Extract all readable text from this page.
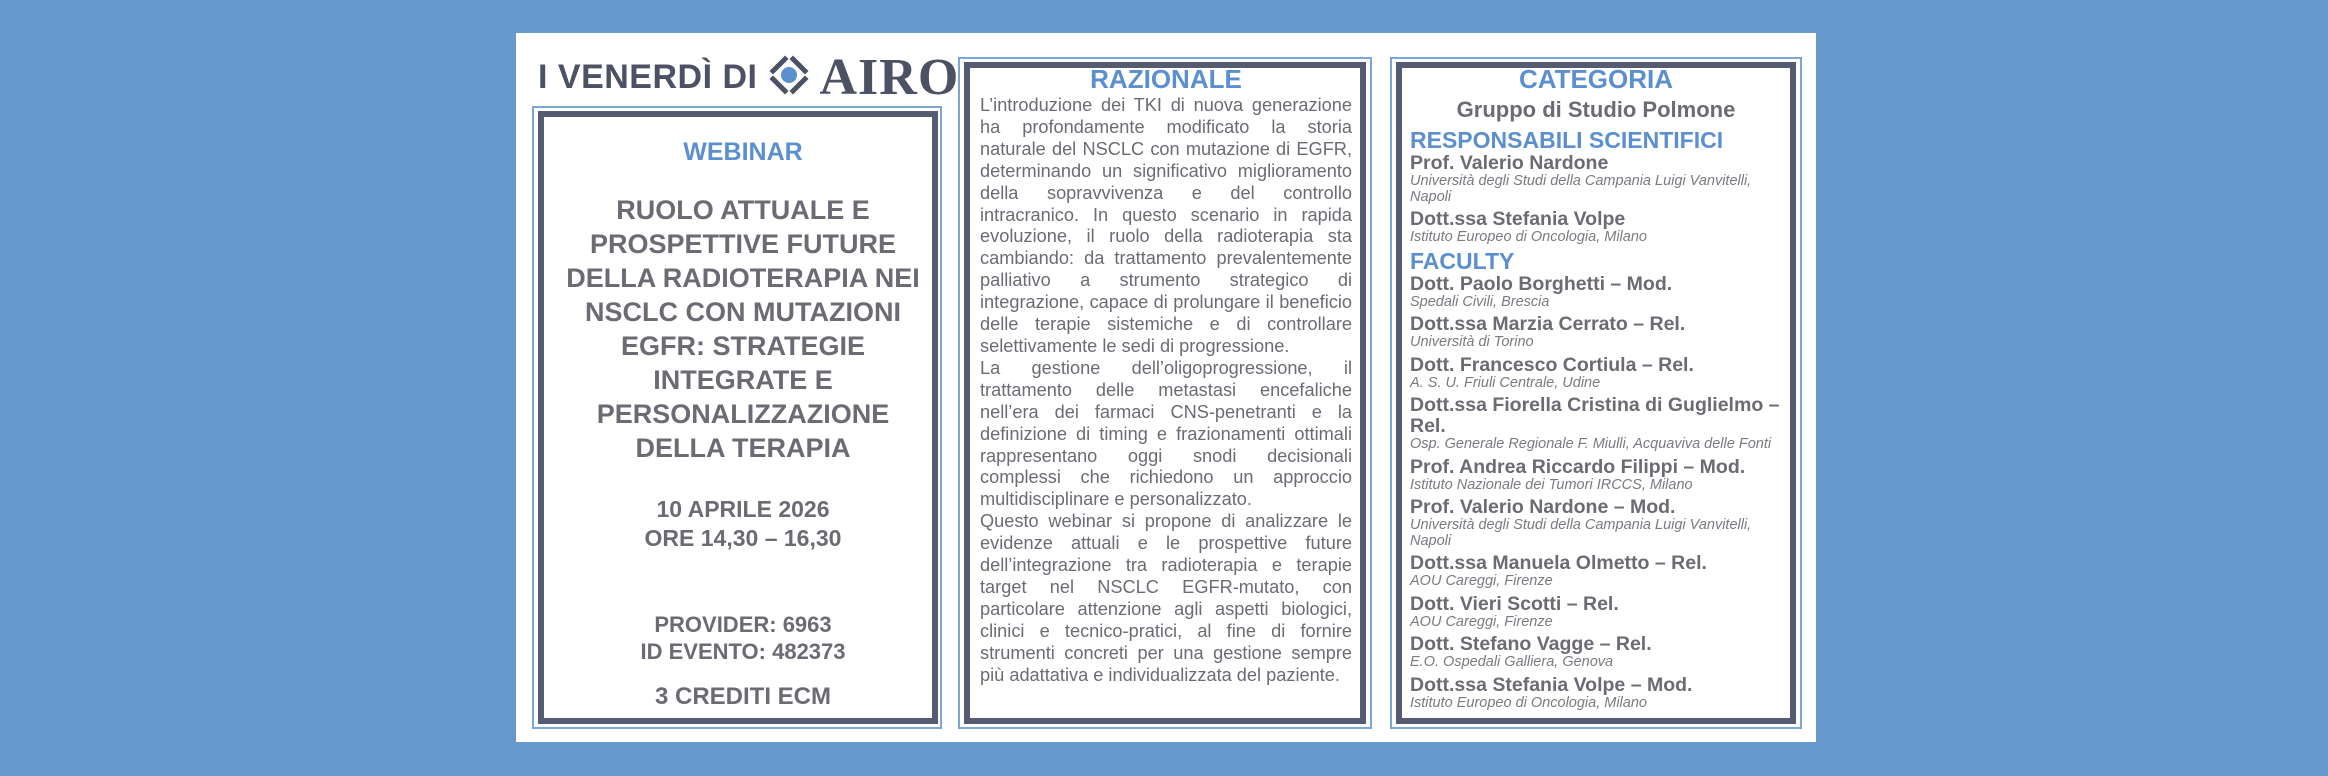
I VENERDÌ DI AIRO
WEBINAR
RUOLO ATTUALE E
PROSPETTIVE FUTURE
DELLA RADIOTERAPIA NEI
NSCLC CON MUTAZIONI
EGFR: STRATEGIE
INTEGRATE E
PERSONALIZZAZIONE
DELLA TERAPIA
10 APRILE 2026
ORE 14,30 – 16,30
PROVIDER: 6963
ID EVENTO: 482373
3 CREDITI ECM
RAZIONALE

L’introduzione dei TKI di nuova generazione ha profondamente modificato la storia naturale del NSCLC con mutazione di EGFR, determinando un significativo miglioramento della sopravvivenza e del controllo intracranico. In questo scenario in rapida evoluzione, il ruolo della radioterapia sta cambiando: da trattamento prevalentemente palliativo a strumento strategico di integrazione, capace di prolungare il beneficio delle terapie sistemiche e di controllare selettivamente le sedi di progressione.

La gestione dell’oligoprogressione, il trattamento delle metastasi encefaliche nell’era dei farmaci CNS-penetranti e la definizione di timing e frazionamenti ottimali rappresentano oggi snodi decisionali complessi che richiedono un approccio multidisciplinare e personalizzato.

Questo webinar si propone di analizzare le evidenze attuali e le prospettive future dell’integrazione tra radioterapia e terapie target nel NSCLC EGFR-mutato, con particolare attenzione agli aspetti biologici, clinici e tecnico-pratici, al fine di fornire strumenti concreti per una gestione sempre più adattativa e individualizzata del paziente.

CATEGORIA
Gruppo di Studio Polmone
RESPONSABILI SCIENTIFICI
Prof. Valerio Nardone
Università degli Studi della Campania Luigi Vanvitelli, Napoli
Dott.ssa Stefania Volpe
Istituto Europeo di Oncologia, Milano
FACULTY
Dott. Paolo Borghetti – Mod.
Spedali Civili, Brescia
Dott.ssa Marzia Cerrato – Rel.
Università di Torino
Dott. Francesco Cortiula – Rel.
A. S. U. Friuli Centrale, Udine
Dott.ssa Fiorella Cristina di Guglielmo – Rel.
Osp. Generale Regionale F. Miulli, Acquaviva delle Fonti
Prof. Andrea Riccardo Filippi – Mod.
Istituto Nazionale dei Tumori IRCCS, Milano
Prof. Valerio Nardone – Mod.
Università degli Studi della Campania Luigi Vanvitelli, Napoli
Dott.ssa Manuela Olmetto – Rel.
AOU Careggi, Firenze
Dott. Vieri Scotti – Rel.
AOU Careggi, Firenze
Dott. Stefano Vagge – Rel.
E.O. Ospedali Galliera, Genova
Dott.ssa Stefania Volpe – Mod.
Istituto Europeo di Oncologia, Milano
